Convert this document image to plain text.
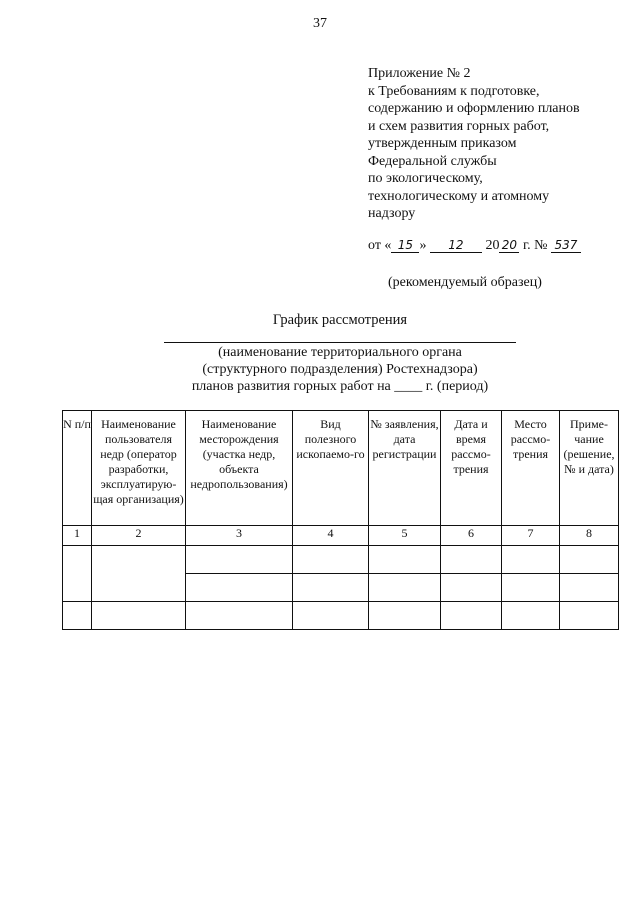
37
Приложение № 2
к Требованиям к подготовке,
содержанию и оформлению планов
и схем развития горных работ,
утвержденным приказом
Федеральной службы
по экологическому,
технологическому и атомному
надзору
от « 15 » 12 20 20 г. № 537
(рекомендуемый образец)
График рассмотрения
(наименование территориального органа
(структурного подразделения) Ростехнадзора)
планов развития горных работ на ____ г. (период)
N п/п	Наименование пользователя недр (оператор разработки, эксплуатирую-щая организация)	Наименование месторождения (участка недр, объекта недропользования)	Вид полезного ископаемо-го	№ заявления, дата регистрации	Дата и время рассмо-трения	Место рассмо-трения	Приме-чание (решение, № и дата)
1	2	3	4	5	6	7	8
